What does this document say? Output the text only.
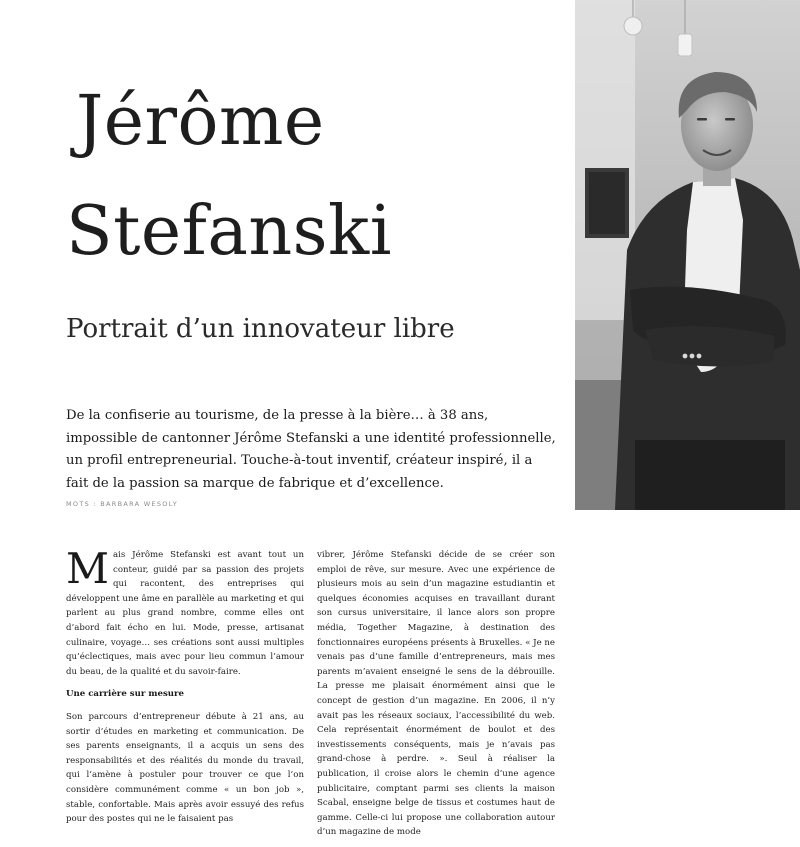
Jérôme
Stefanski
Portrait d’un innovateur libre

De la confiserie au tourisme, de la presse à la bière… à 38 ans, impossible de cantonner Jérôme Stefanski a une identité professionnelle, un profil entrepreneurial. Touche-à-tout inventif, créateur inspiré, il a fait de la passion sa marque de fabrique et d’excellence.

MOTS : BARBARA WESOLY

Mais Jérôme Stefanski est avant tout un conteur, guidé par sa passion des projets qui racontent, des entreprises qui développent une âme en parallèle au marketing et qui parlent au plus grand nombre, comme elles ont d’abord fait écho en lui. Mode, presse, artisanat culinaire, voyage… ses créations sont aussi multiples qu’éclectiques, mais avec pour lieu commun l’amour du beau, de la qualité et du savoir-faire.

Une carrière sur mesure

Son parcours d’entrepreneur débute à 21 ans, au sortir d’études en marketing et communication. De ses parents enseignants, il a acquis un sens des responsabilités et des réalités du monde du travail, qui l’amène à postuler pour trouver ce que l’on considère communément comme « un bon job », stable, confortable. Mais après avoir essuyé des refus pour des postes qui ne le faisaient pas

vibrer, Jérôme Stefanski décide de se créer son emploi de rêve, sur mesure. Avec une expérience de plusieurs mois au sein d’un magazine estudiantin et quelques économies acquises en travaillant durant son cursus universitaire, il lance alors son propre média, Together Magazine, à destination des fonctionnaires européens présents à Bruxelles. « Je ne venais pas d’une famille d’entrepreneurs, mais mes parents m’avaient enseigné le sens de la débrouille. La presse me plaisait énormément ainsi que le concept de gestion d’un magazine. En 2006, il n’y avait pas les réseaux sociaux, l’accessibilité du web. Cela représentait énormément de boulot et des investissements conséquents, mais je n’avais pas grand-chose à perdre. ». Seul à réaliser la publication, il croise alors le chemin d’une agence publicitaire, comptant parmi ses clients la maison Scabal, enseigne belge de tissus et costumes haut de gamme. Celle-ci lui propose une collaboration autour d’un magazine de mode
